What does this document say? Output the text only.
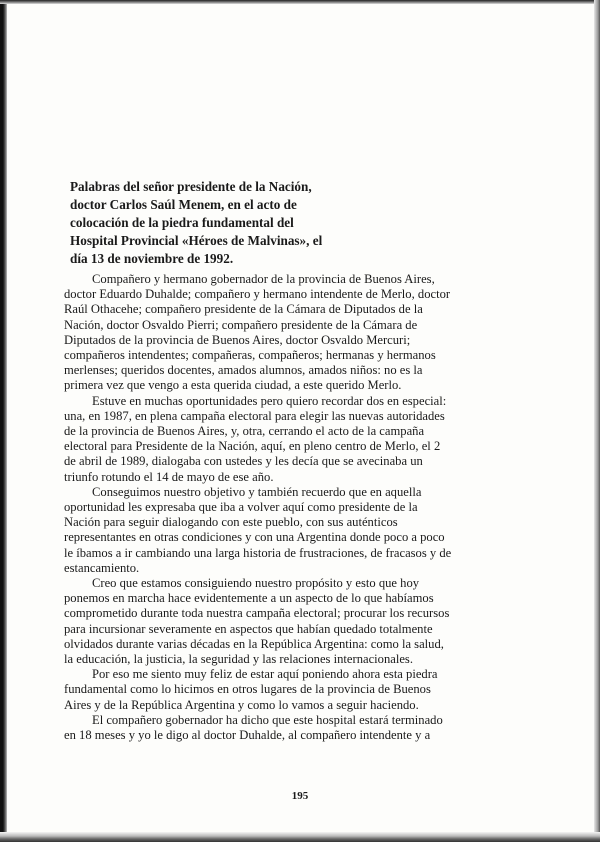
Palabras del señor presidente de la Nación,
doctor Carlos Saúl Menem, en el acto de
colocación de la piedra fundamental del
Hospital Provincial «Héroes de Malvinas», el
día 13 de noviembre de 1992.

Compañero y hermano gobernador de la provincia de Buenos Aires,
doctor Eduardo Duhalde; compañero y hermano intendente de Merlo, doctor
Raúl Othacehe; compañero presidente de la Cámara de Diputados de la
Nación, doctor Osvaldo Pierri; compañero presidente de la Cámara de
Diputados de la provincia de Buenos Aires, doctor Osvaldo Mercuri;
compañeros intendentes; compañeras, compañeros; hermanas y hermanos
merlenses; queridos docentes, amados alumnos, amados niños: no es la
primera vez que vengo a esta querida ciudad, a este querido Merlo.

Estuve en muchas oportunidades pero quiero recordar dos en especial:
una, en 1987, en plena campaña electoral para elegir las nuevas autoridades
de la provincia de Buenos Aires, y, otra, cerrando el acto de la campaña
electoral para Presidente de la Nación, aquí, en pleno centro de Merlo, el 2
de abril de 1989, dialogaba con ustedes y les decía que se avecinaba un
triunfo rotundo el 14 de mayo de ese año.

Conseguimos nuestro objetivo y también recuerdo que en aquella
oportunidad les expresaba que iba a volver aquí como presidente de la
Nación para seguir dialogando con este pueblo, con sus auténticos
representantes en otras condiciones y con una Argentina donde poco a poco
le íbamos a ir cambiando una larga historia de frustraciones, de fracasos y de
estancamiento.

Creo que estamos consiguiendo nuestro propósito y esto que hoy
ponemos en marcha hace evidentemente a un aspecto de lo que habíamos
comprometido durante toda nuestra campaña electoral; procurar los recursos
para incursionar severamente en aspectos que habían quedado totalmente
olvidados durante varias décadas en la República Argentina: como la salud,
la educación, la justicia, la seguridad y las relaciones internacionales.

Por eso me siento muy feliz de estar aquí poniendo ahora esta piedra
fundamental como lo hicimos en otros lugares de la provincia de Buenos
Aires y de la República Argentina y como lo vamos a seguir haciendo.

El compañero gobernador ha dicho que este hospital estará terminado
en 18 meses y yo le digo al doctor Duhalde, al compañero intendente y a

195
